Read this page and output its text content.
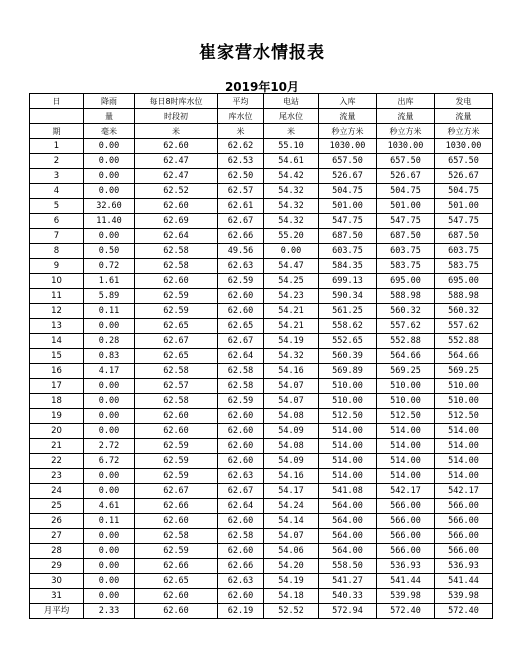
崔家营水情报表
2019年10月
日	降雨	每日8时库水位	平均	电站	入库	出库	发电
	量	时段初	库水位	尾水位	流量	流量	流量
期	毫米	米	米	米	秒立方米	秒立方米	秒立方米
1	0.00	62.60	62.62	55.10	1030.00	1030.00	1030.00
2	0.00	62.47	62.53	54.61	657.50	657.50	657.50
3	0.00	62.47	62.50	54.42	526.67	526.67	526.67
4	0.00	62.52	62.57	54.32	504.75	504.75	504.75
5	32.60	62.60	62.61	54.32	501.00	501.00	501.00
6	11.40	62.69	62.67	54.32	547.75	547.75	547.75
7	0.00	62.64	62.66	55.20	687.50	687.50	687.50
8	0.50	62.58	49.56	0.00	603.75	603.75	603.75
9	0.72	62.58	62.63	54.47	584.35	583.75	583.75
10	1.61	62.60	62.59	54.25	699.13	695.00	695.00
11	5.89	62.59	62.60	54.23	590.34	588.98	588.98
12	0.11	62.59	62.60	54.21	561.25	560.32	560.32
13	0.00	62.65	62.65	54.21	558.62	557.62	557.62
14	0.28	62.67	62.67	54.19	552.65	552.88	552.88
15	0.83	62.65	62.64	54.32	560.39	564.66	564.66
16	4.17	62.58	62.58	54.16	569.89	569.25	569.25
17	0.00	62.57	62.58	54.07	510.00	510.00	510.00
18	0.00	62.58	62.59	54.07	510.00	510.00	510.00
19	0.00	62.60	62.60	54.08	512.50	512.50	512.50
20	0.00	62.60	62.60	54.09	514.00	514.00	514.00
21	2.72	62.59	62.60	54.08	514.00	514.00	514.00
22	6.72	62.59	62.60	54.09	514.00	514.00	514.00
23	0.00	62.59	62.63	54.16	514.00	514.00	514.00
24	0.00	62.67	62.67	54.17	541.08	542.17	542.17
25	4.61	62.66	62.64	54.24	564.00	566.00	566.00
26	0.11	62.60	62.60	54.14	564.00	566.00	566.00
27	0.00	62.58	62.58	54.07	564.00	566.00	566.00
28	0.00	62.59	62.60	54.06	564.00	566.00	566.00
29	0.00	62.66	62.66	54.20	558.50	536.93	536.93
30	0.00	62.65	62.63	54.19	541.27	541.44	541.44
31	0.00	62.60	62.60	54.18	540.33	539.98	539.98
月平均	2.33	62.60	62.19	52.52	572.94	572.40	572.40
